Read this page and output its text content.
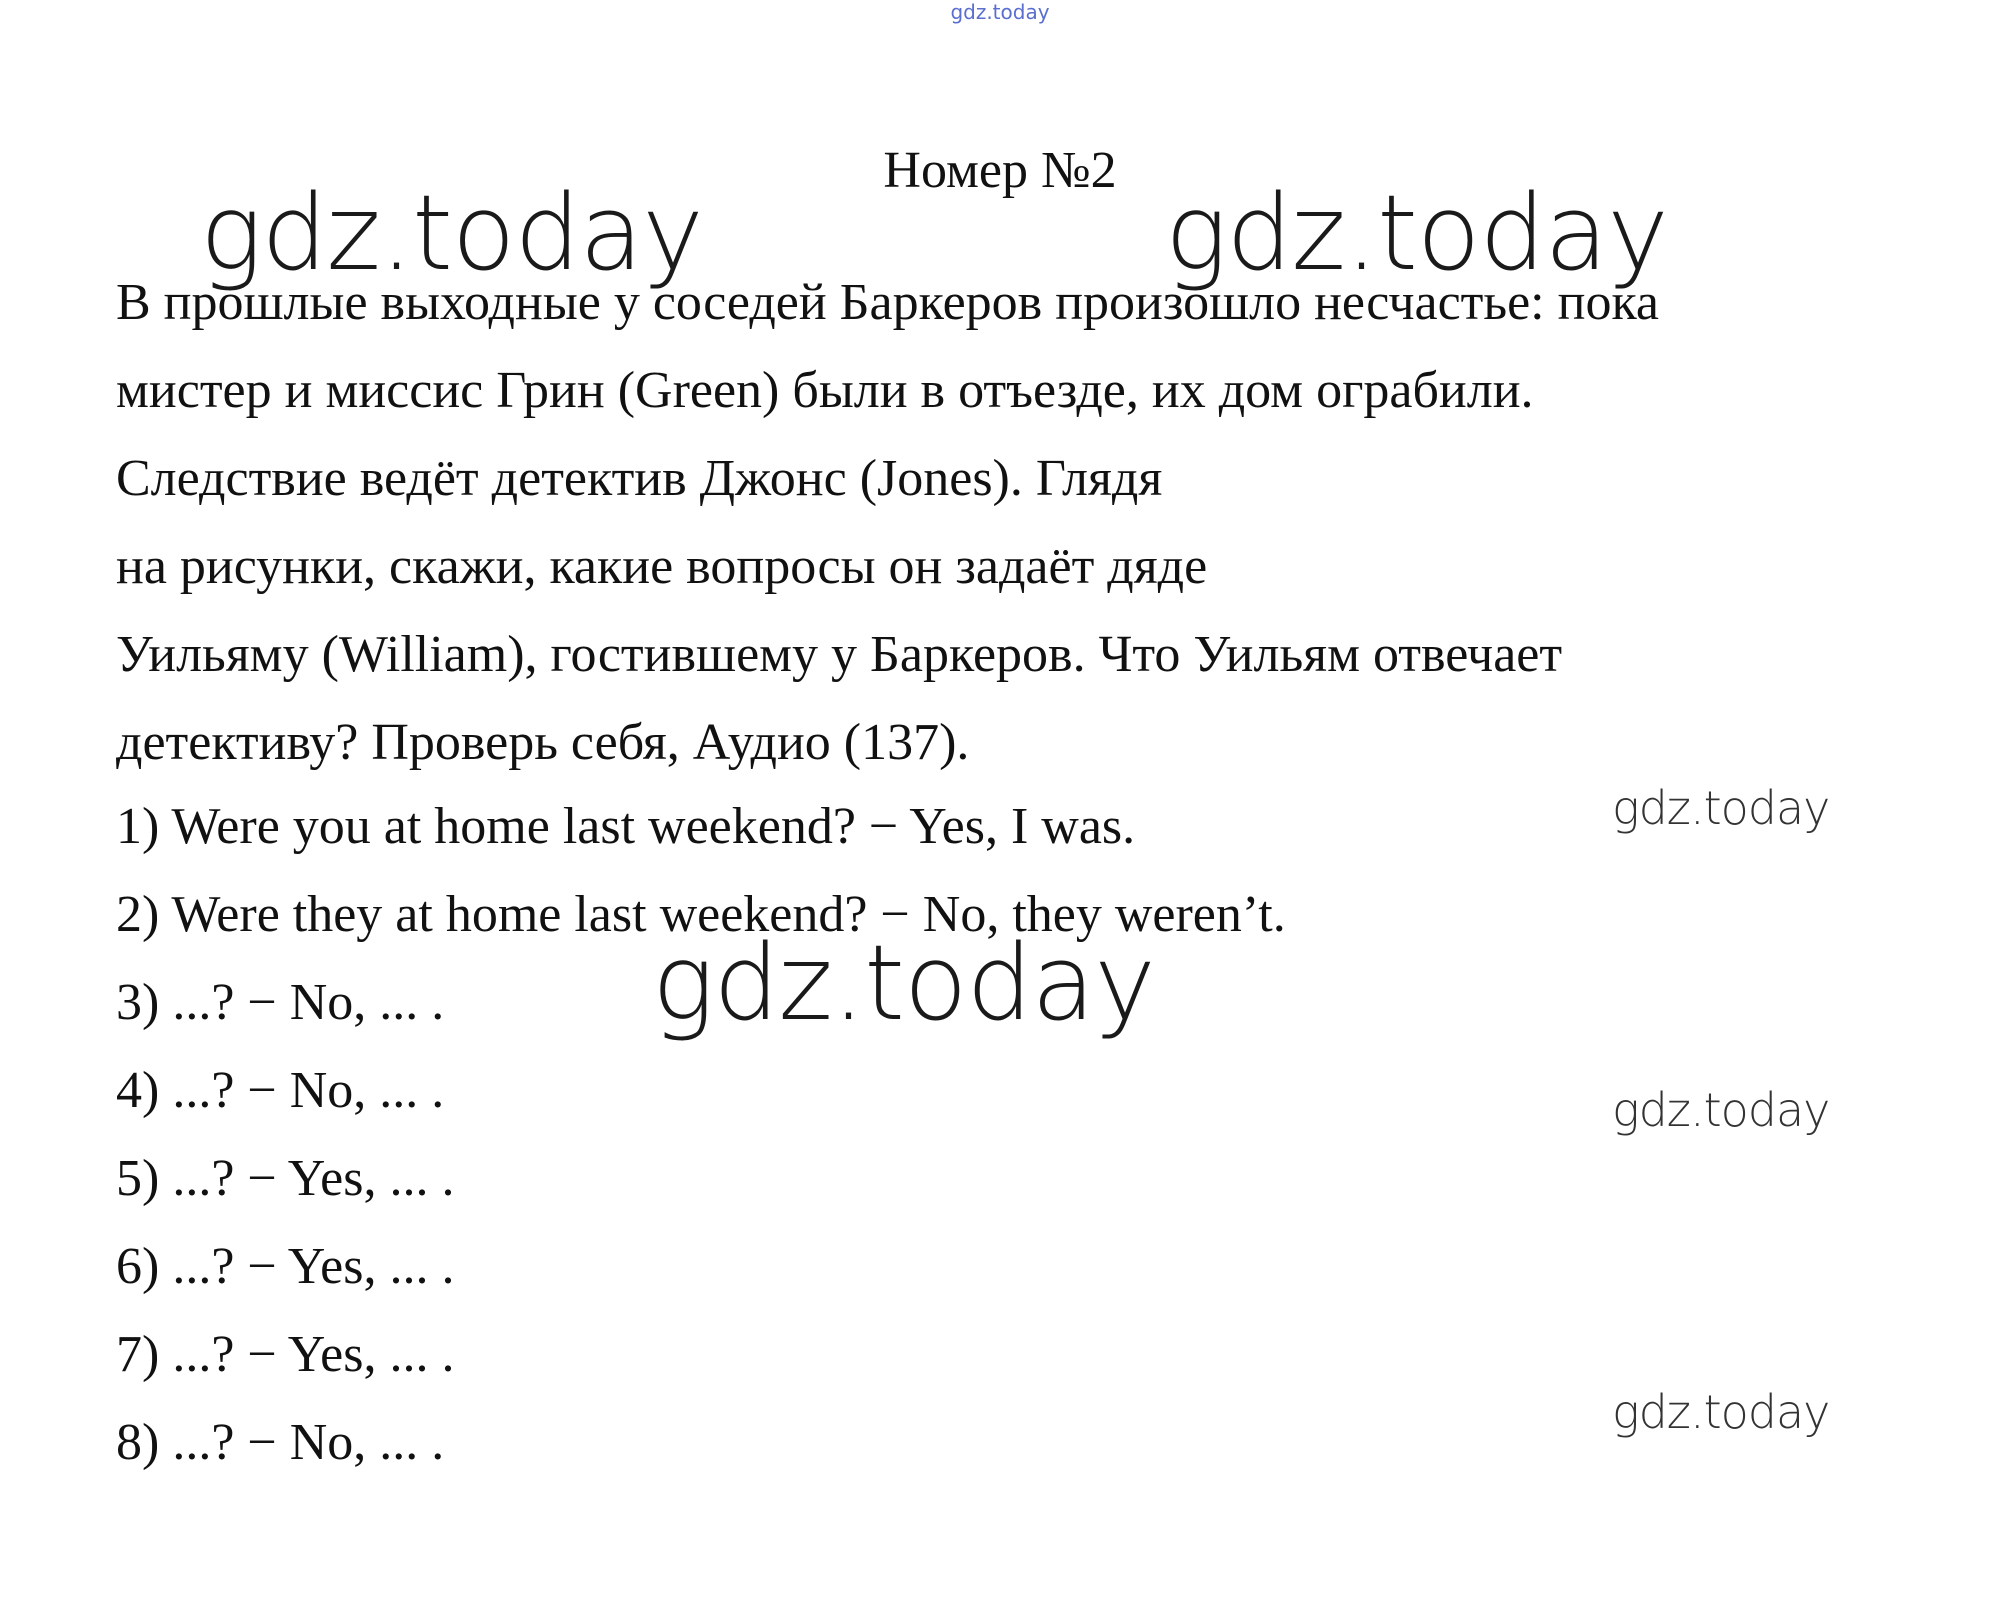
gdz.today
Номер №2
gdz.today	gdz.today
В прошлые выходные у соседей Баркеров произошло несчастье: пока
мистер и миссис Грин (Green) были в отъезде, их дом ограбили.
Следствие ведёт детектив Джонс (Jones). Глядя
на рисунки, скажи, какие вопросы он задаёт дяде
Уильяму (William), гостившему у Баркеров. Что Уильям отвечает
детективу? Проверь себя, Аудио (137).
gdz.today
1) Were you at home last weekend? − Yes, I was.
2) Were they at home last weekend? − No, they weren’t.
gdz.today
3) ...? − No, ... .
4) ...? − No, ... .	gdz.today
5) ...? − Yes, ... .
6) ...? − Yes, ... .
7) ...? − Yes, ... .
gdz.today
8) ...? − No, ... .
